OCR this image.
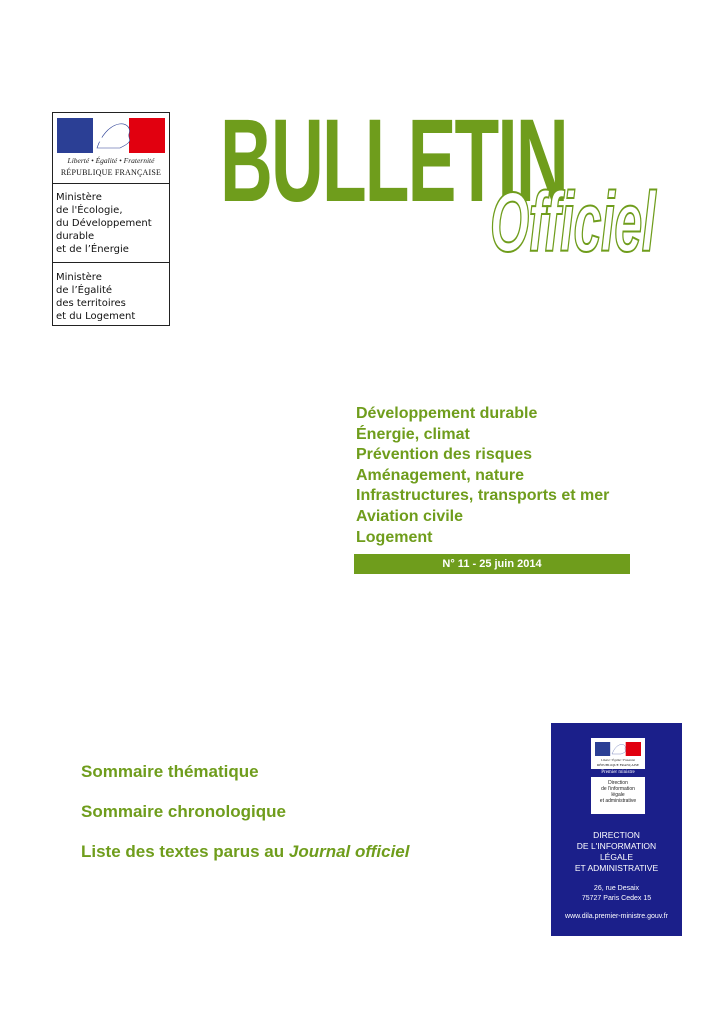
Liberté • Égalité • Fraternité
RÉPUBLIQUE FRANÇAISE
Ministère
de l'Écologie,
du Développement
durable
et de l’Énergie
Ministère
de l’Égalité
des territoires
et du Logement
BULLETIN
Officiel
Développement durable
Énergie, climat
Prévention des risques
Aménagement, nature
Infrastructures, transports et mer
Aviation civile
Logement
N° 11 - 25 juin 2014
Sommaire thématique
Sommaire chronologique
Liste des textes parus au Journal officiel
Liberté • Égalité • Fraternité
RÉPUBLIQUE FRANÇAISE
Premier ministre
Direction
de l'information
légale
et administrative
DIRECTION
DE L'INFORMATION
LÉGALE
ET ADMINISTRATIVE
26, rue Desaix
75727 Paris Cedex 15
www.dila.premier-ministre.gouv.fr
